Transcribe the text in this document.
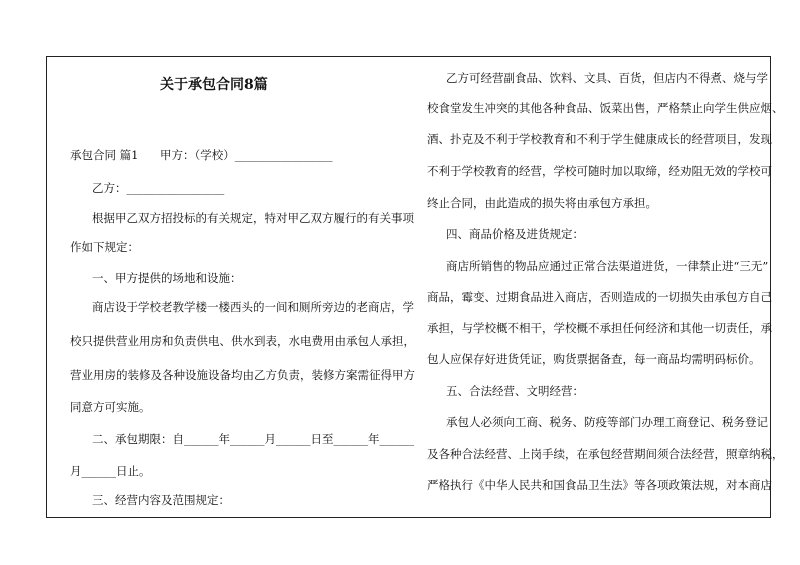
关于承包合同8篇

承包合同 篇1 甲方：（学校）_________________

乙方：_________________

根据甲乙双方招投标的有关规定，特对甲乙双方履行的有关事项

作如下规定：

一、甲方提供的场地和设施：

商店设于学校老教学楼一楼西头的一间和厕所旁边的老商店，学

校只提供营业用房和负责供电、供水到表，水电费用由承包人承担，

营业用房的装修及各种设施设备均由乙方负责，装修方案需征得甲方

同意方可实施。

二、承包期限：自______年______月______日至______年______

月______日止。

三、经营内容及范围规定：

乙方可经营副食品、饮料、文具、百货，但店内不得煮、烧与学

校食堂发生冲突的其他各种食品、饭菜出售，严格禁止向学生供应烟、

酒、扑克及不利于学校教育和不利于学生健康成长的经营项目，发现

不利于学校教育的经营，学校可随时加以取缔，经劝阻无效的学校可

终止合同，由此造成的损失将由承包方承担。

四、商品价格及进货规定：

商店所销售的物品应通过正常合法渠道进货，一律禁止进“三无”

商品，霉变、过期食品进入商店，否则造成的一切损失由承包方自己

承担，与学校概不相干，学校概不承担任何经济和其他一切责任，承

包人应保存好进货凭证，购货票据备查，每一商品均需明码标价。

五、合法经营、文明经营：

承包人必须向工商、税务、防疫等部门办理工商登记、税务登记

及各种合法经营、上岗手续，在承包经营期间须合法经营，照章纳税，

严格执行《中华人民共和国食品卫生法》等各项政策法规，对本商店
